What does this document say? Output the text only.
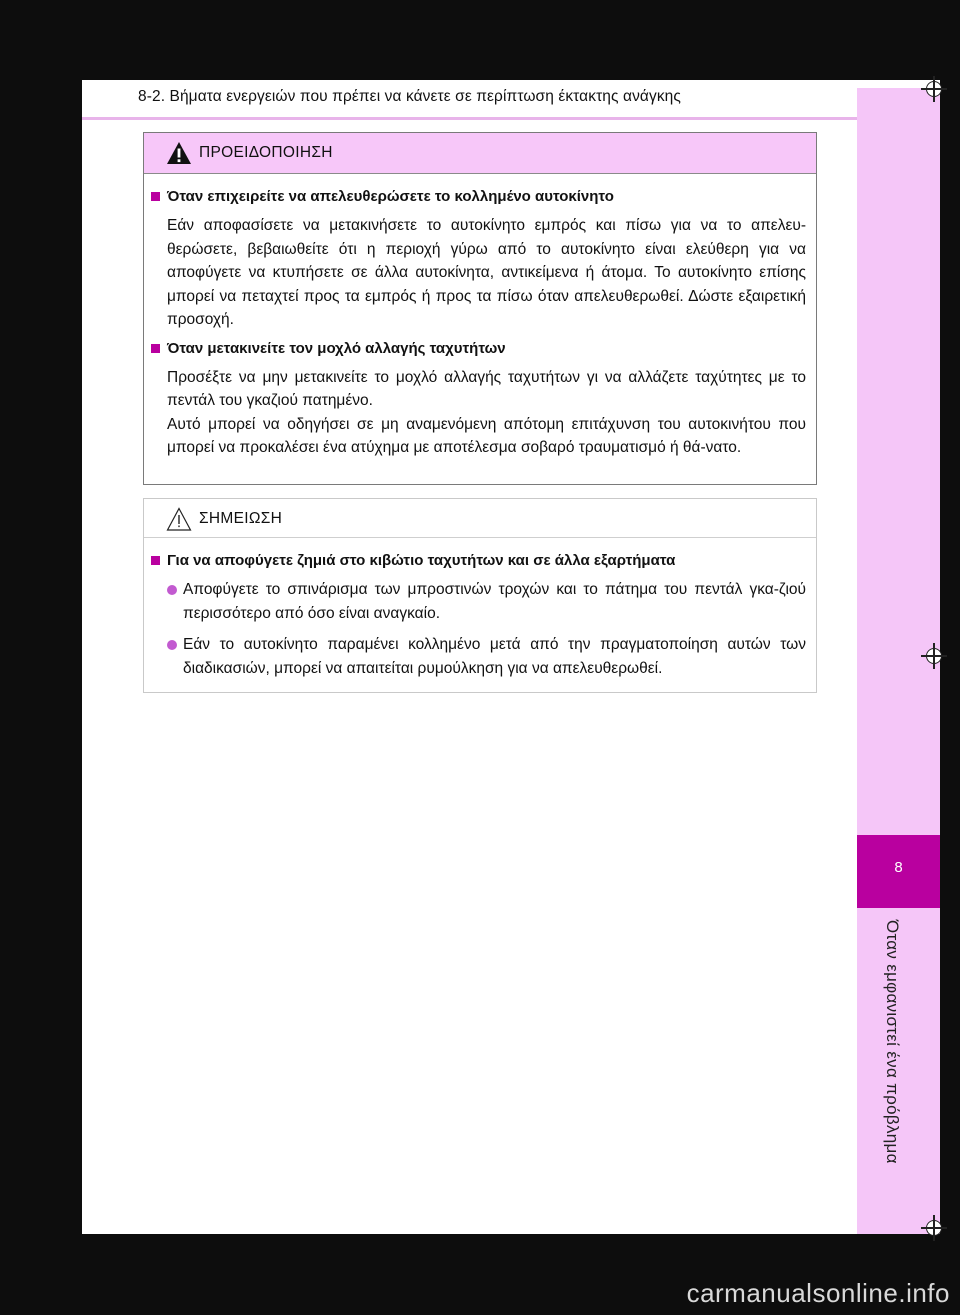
8-2. Βήματα ενεργειών που πρέπει να κάνετε σε περίπτωση έκτακτης ανάγκης
8
Όταν εμφανιστεί ένα πρόβλημα
ΠΡΟΕΙΔΟΠΟΙΗΣΗ
Όταν επιχειρείτε να απελευθερώσετε το κολλημένο αυτοκίνητο

Εάν αποφασίσετε να μετακινήσετε το αυτοκίνητο εμπρός και πίσω για να το απελευ-θερώσετε, βεβαιωθείτε ότι η περιοχή γύρω από το αυτοκίνητο είναι ελεύθερη για να αποφύγετε να κτυπήσετε σε άλλα αυτοκίνητα, αντικείμενα ή άτομα. Το αυτοκίνητο επίσης μπορεί να πεταχτεί προς τα εμπρός ή προς τα πίσω όταν απελευθερωθεί. Δώστε εξαιρετική προσοχή.

Όταν μετακινείτε τον μοχλό αλλαγής ταχυτήτων

Προσέξτε να μην μετακινείτε το μοχλό αλλαγής ταχυτήτων γι να αλλάζετε ταχύτητες με το πεντάλ του γκαζιού πατημένο.

Αυτό μπορεί να οδηγήσει σε μη αναμενόμενη απότομη επιτάχυνση του αυτοκινήτου που μπορεί να προκαλέσει ένα ατύχημα με αποτέλεσμα σοβαρό τραυματισμό ή θά-νατο.

ΣΗΜΕΙΩΣΗ
Για να αποφύγετε ζημιά στο κιβώτιο ταχυτήτων και σε άλλα εξαρτήματα
Αποφύγετε το σπινάρισμα των μπροστινών τροχών και το πάτημα του πεντάλ γκα-ζιού περισσότερο από όσο είναι αναγκαίο.
Εάν το αυτοκίνητο παραμένει κολλημένο μετά από την πραγματοποίηση αυτών των διαδικασιών, μπορεί να απαιτείται ρυμούλκηση για να απελευθερωθεί.
carmanualsonline.info
